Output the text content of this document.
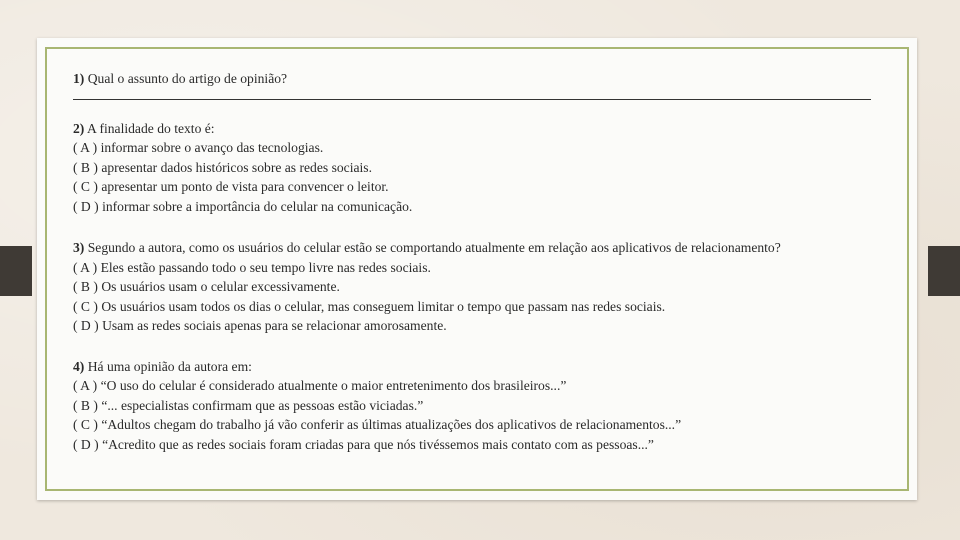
1) Qual o assunto do artigo de opinião?

2) A finalidade do texto é:

( A ) informar sobre o avanço das tecnologias.
( B ) apresentar dados históricos sobre as redes sociais.
( C ) apresentar um ponto de vista para convencer o leitor.
( D ) informar sobre a importância do celular na comunicação.

3) Segundo a autora, como os usuários do celular estão se comportando atualmente em relação aos aplicativos de relacionamento?

( A ) Eles estão passando todo o seu tempo livre nas redes sociais.
( B ) Os usuários usam o celular excessivamente.
( C ) Os usuários usam todos os dias o celular, mas conseguem limitar o tempo que passam nas redes sociais.
( D ) Usam as redes sociais apenas para se relacionar amorosamente.

4) Há uma opinião da autora em:

( A ) “O uso do celular é considerado atualmente o maior entretenimento dos brasileiros...”
( B ) “... especialistas confirmam que as pessoas estão viciadas.”
( C ) “Adultos chegam do trabalho já vão conferir as últimas atualizações dos aplicativos de relacionamentos...”
( D ) “Acredito que as redes sociais foram criadas para que nós tivéssemos mais contato com as pessoas...”
